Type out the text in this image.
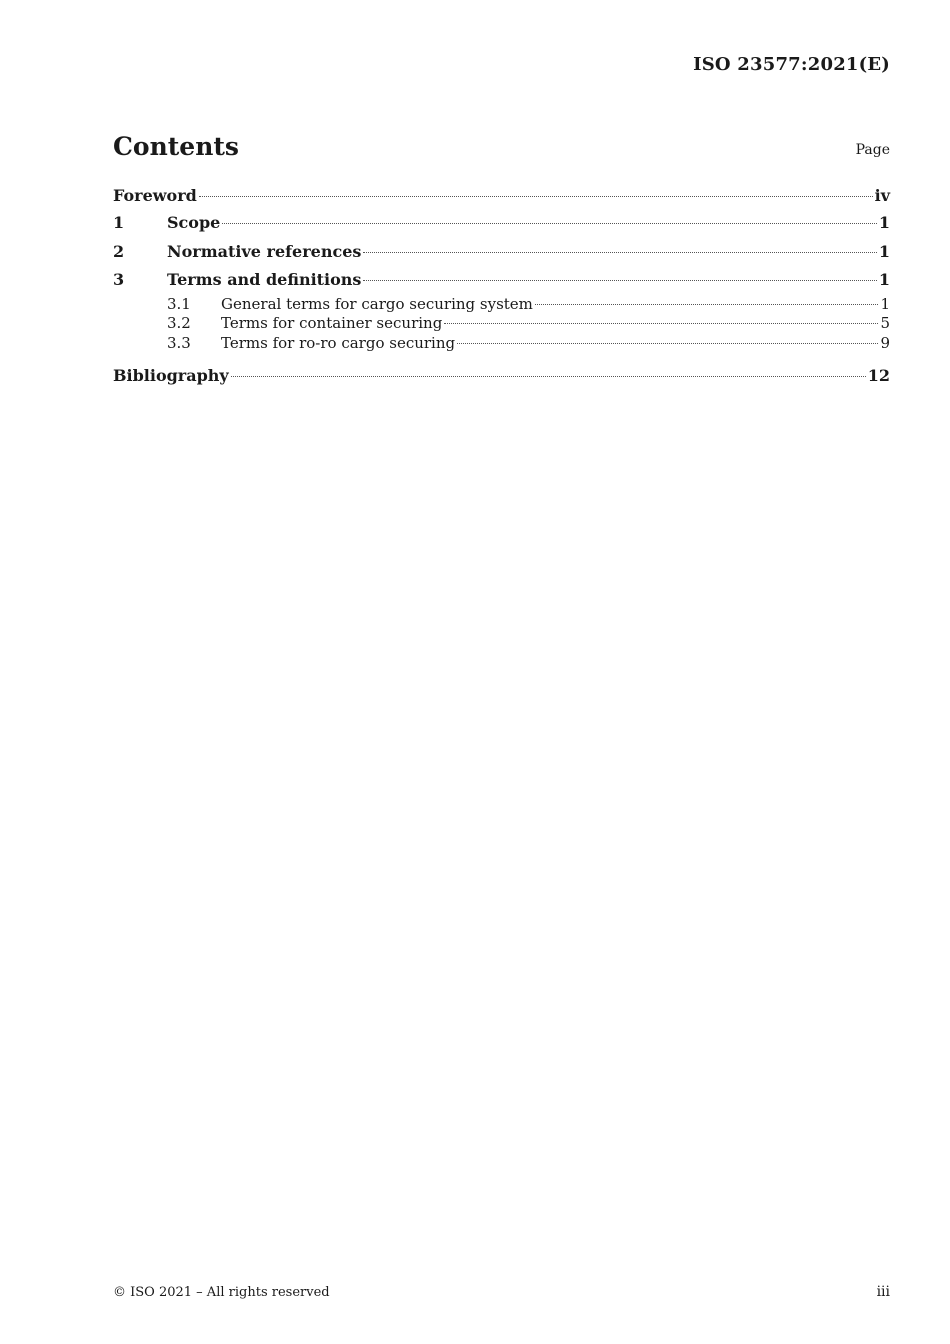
ISO 23577:2021(E)
Contents	Page
Foreword	iv
1	Scope	1
2	Normative references	1
3	Terms and definitions	1
3.1	General terms for cargo securing system	1
3.2	Terms for container securing	5
3.3	Terms for ro-ro cargo securing	9
Bibliography	12
© ISO 2021 – All rights reserved	iii
